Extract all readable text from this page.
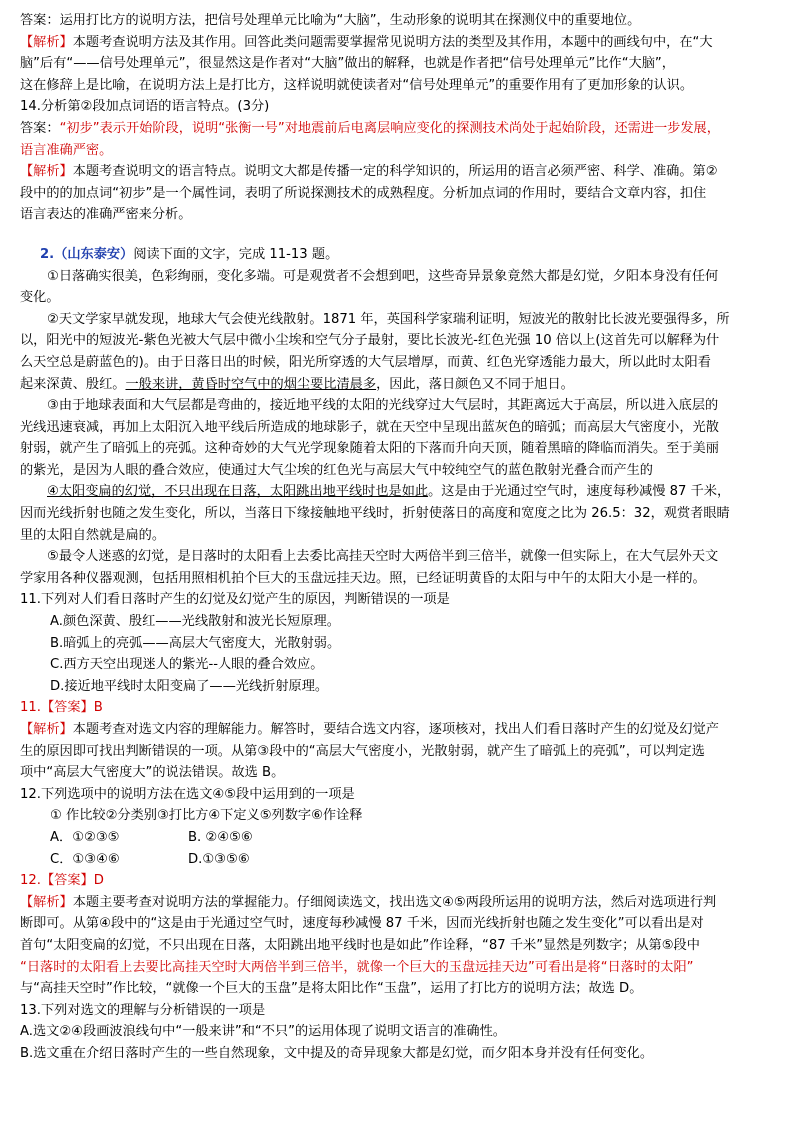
答案：运用打比方的说明方法，把信号处理单元比喻为“大脑”，生动形象的说明其在探测仪中的重要地位。
【解析】本题考查说明方法及其作用。回答此类问题需要掌握常见说明方法的类型及其作用，本题中的画线句中，在“大
脑”后有“——信号处理单元”，很显然这是作者对“大脑”做出的解释，也就是作者把“信号处理单元”比作“大脑”，
这在修辞上是比喻，在说明方法上是打比方，这样说明就使读者对“信号处理单元”的重要作用有了更加形象的认识。
14.分析第②段加点词语的语言特点。(3分)
答案：“初步”表示开始阶段，说明“张衡一号”对地震前后电离层响应变化的探测技术尚处于起始阶段，还需进一步发展，
语言准确严密。
【解析】本题考查说明文的语言特点。说明文大都是传播一定的科学知识的，所运用的语言必须严密、科学、准确。第②
段中的的加点词“初步”是一个属性词，表明了所说探测技术的成熟程度。分析加点词的作用时，要结合文章内容，扣住
语言表达的准确严密来分析。
2.（山东泰安）阅读下面的文字，完成 11-13 题。
①日落确实很美，色彩绚丽，变化多端。可是观赏者不会想到吧，这些奇异景象竟然大都是幻觉，夕阳本身没有任何
变化。
②天文学家早就发现，地球大气会使光线散射。1871 年，英国科学家瑞利证明，短波光的散射比长波光要强得多，所
以，阳光中的短波光-紫色光被大气层中微小尘埃和空气分子最射，要比长波光-红色光强 10 倍以上(这首先可以解释为什
么天空总是蔚蓝色的)。由于日落日出的时候，阳光所穿透的大气层增厚，而黄、红色光穿透能力最大，所以此时太阳看
起来深黄、殷红。一般来讲，黄昏时空气中的烟尘要比清晨多，因此，落日颜色又不同于旭日。
③由于地球表面和大气层都是弯曲的，接近地平线的太阳的光线穿过大气层时，其距离远大于高层，所以进入底层的
光线迅速衰减，再加上太阳沉入地平线后所造成的地球影子，就在天空中呈现出蓝灰色的暗弧；而高层大气密度小，光散
射弱，就产生了暗弧上的亮弧。这种奇妙的大气光学现象随着太阳的下落而升向天顶，随着黑暗的降临而消失。至于美丽
的紫光，是因为人眼的叠合效应，使通过大气尘埃的红色光与高层大气中较纯空气的蓝色散射光叠合而产生的
④太阳变扁的幻觉，不只出现在日落，太阳跳出地平线时也是如此。这是由于光通过空气时，速度每秒减慢 87 千米，
因而光线折射也随之发生变化，所以，当落日下缘接触地平线时，折射使落日的高度和宽度之比为 26.5：32，观赏者眼睛
里的太阳自然就是扁的。
⑤最令人迷惑的幻觉，是日落时的太阳看上去委比高挂天空时大两倍半到三倍半，就像一但实际上，在大气层外天文
学家用各种仪器观测，包括用照相机拍个巨大的玉盘远挂天边。照，已经证明黄昏的太阳与中午的太阳大小是一样的。
11.下列对人们看日落时产生的幻觉及幻觉产生的原因，判断错误的一项是
A.颜色深黄、殷红——光线散射和波光长短原理。
B.暗弧上的亮弧——高层大气密度大，光散射弱。
C.西方天空出现迷人的紫光--人眼的叠合效应。
D.接近地平线时太阳变扁了——光线折射原理。
11.【答案】B
【解析】本题考查对选文内容的理解能力。解答时，要结合选文内容，逐项核对，找出人们看日落时产生的幻觉及幻觉产
生的原因即可找出判断错误的一项。从第③段中的“高层大气密度小，光散射弱，就产生了暗弧上的亮弧”，可以判定选
项中“高层大气密度大”的说法错误。故选 B。
12.下列选项中的说明方法在选文④⑤段中运用到的一项是
① 作比较②分类别③打比方④下定义⑤列数字⑥作诠释
A．①②③⑤	B. ②④⑤⑥
C．①③④⑥	D.①③⑤⑥
12.【答案】D
【解析】本题主要考查对说明方法的掌握能力。仔细阅读选文，找出选文④⑤两段所运用的说明方法，然后对选项进行判
断即可。从第④段中的“这是由于光通过空气时，速度每秒减慢 87 千米，因而光线折射也随之发生变化”可以看出是对
首句“太阳变扁的幻觉，不只出现在日落，太阳跳出地平线时也是如此”作诠释，“87 千米”显然是列数字；从第⑤段中
“日落时的太阳看上去要比高挂天空时大两倍半到三倍半，就像一个巨大的玉盘远挂天边”可看出是将“日落时的太阳”
与“高挂天空时”作比较，“就像一个巨大的玉盘”是将太阳比作“玉盘”，运用了打比方的说明方法；故选 D。
13.下列对选文的理解与分析错误的一项是
A.选文②④段画波浪线句中“一般来讲”和“不只”的运用体现了说明文语言的准确性。
B.选文重在介绍日落时产生的一些自然现象，文中提及的奇异现象大都是幻觉，而夕阳本身并没有任何变化。
